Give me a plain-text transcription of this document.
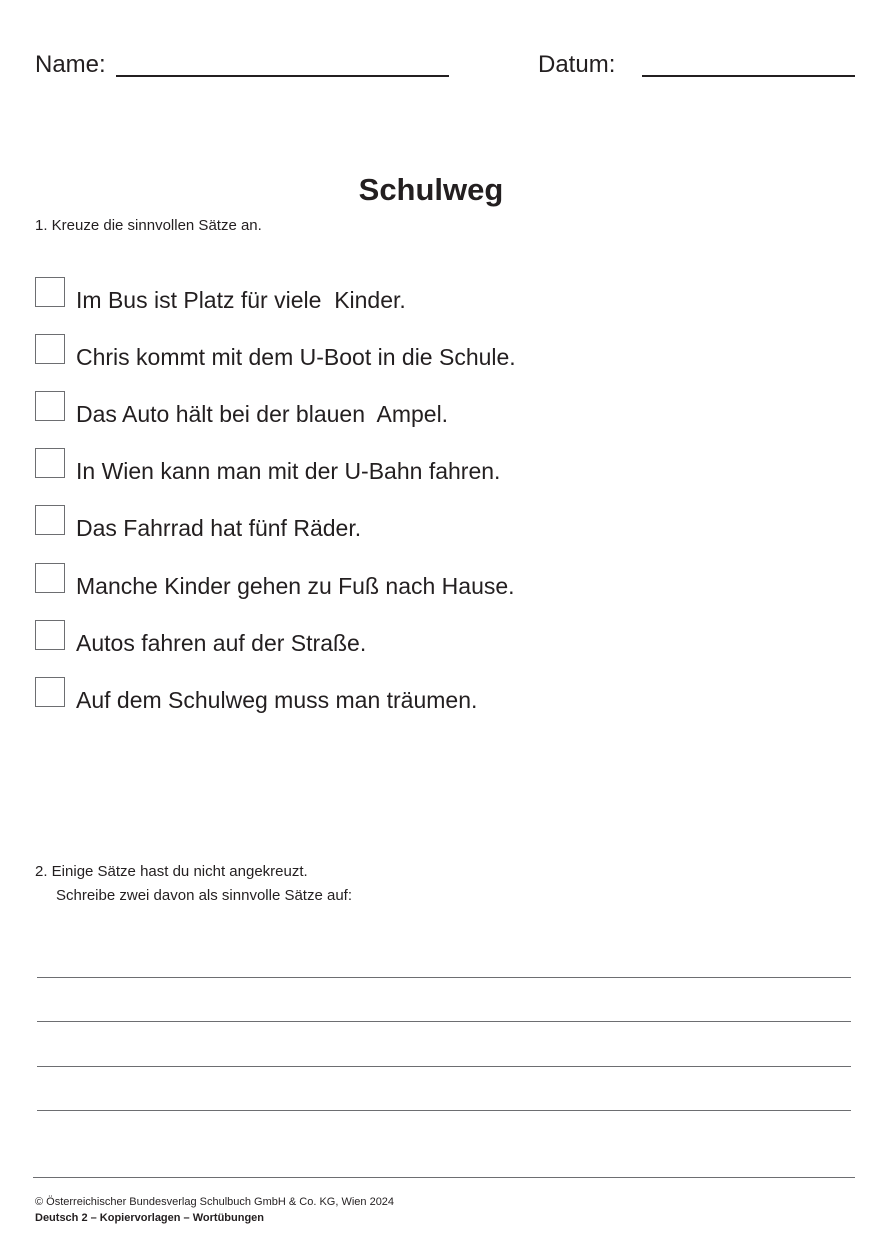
Name:	Datum:
Schulweg
1. Kreuze die sinnvollen Sätze an.
Im Bus ist Platz für viele  Kinder.
Chris kommt mit dem U-Boot in die Schule.
Das Auto hält bei der blauen  Ampel.
In Wien kann man mit der U-Bahn fahren.
Das Fahrrad hat fünf Räder.
Manche Kinder gehen zu Fuß nach Hause.
Autos fahren auf der Straße.
Auf dem Schulweg muss man träumen.
2. Einige Sätze hast du nicht angekreuzt.
Schreibe zwei davon als sinnvolle Sätze auf:
© Österreichischer Bundesverlag Schulbuch GmbH & Co. KG, Wien 2024
Deutsch 2 – Kopiervorlagen – Wortübungen
